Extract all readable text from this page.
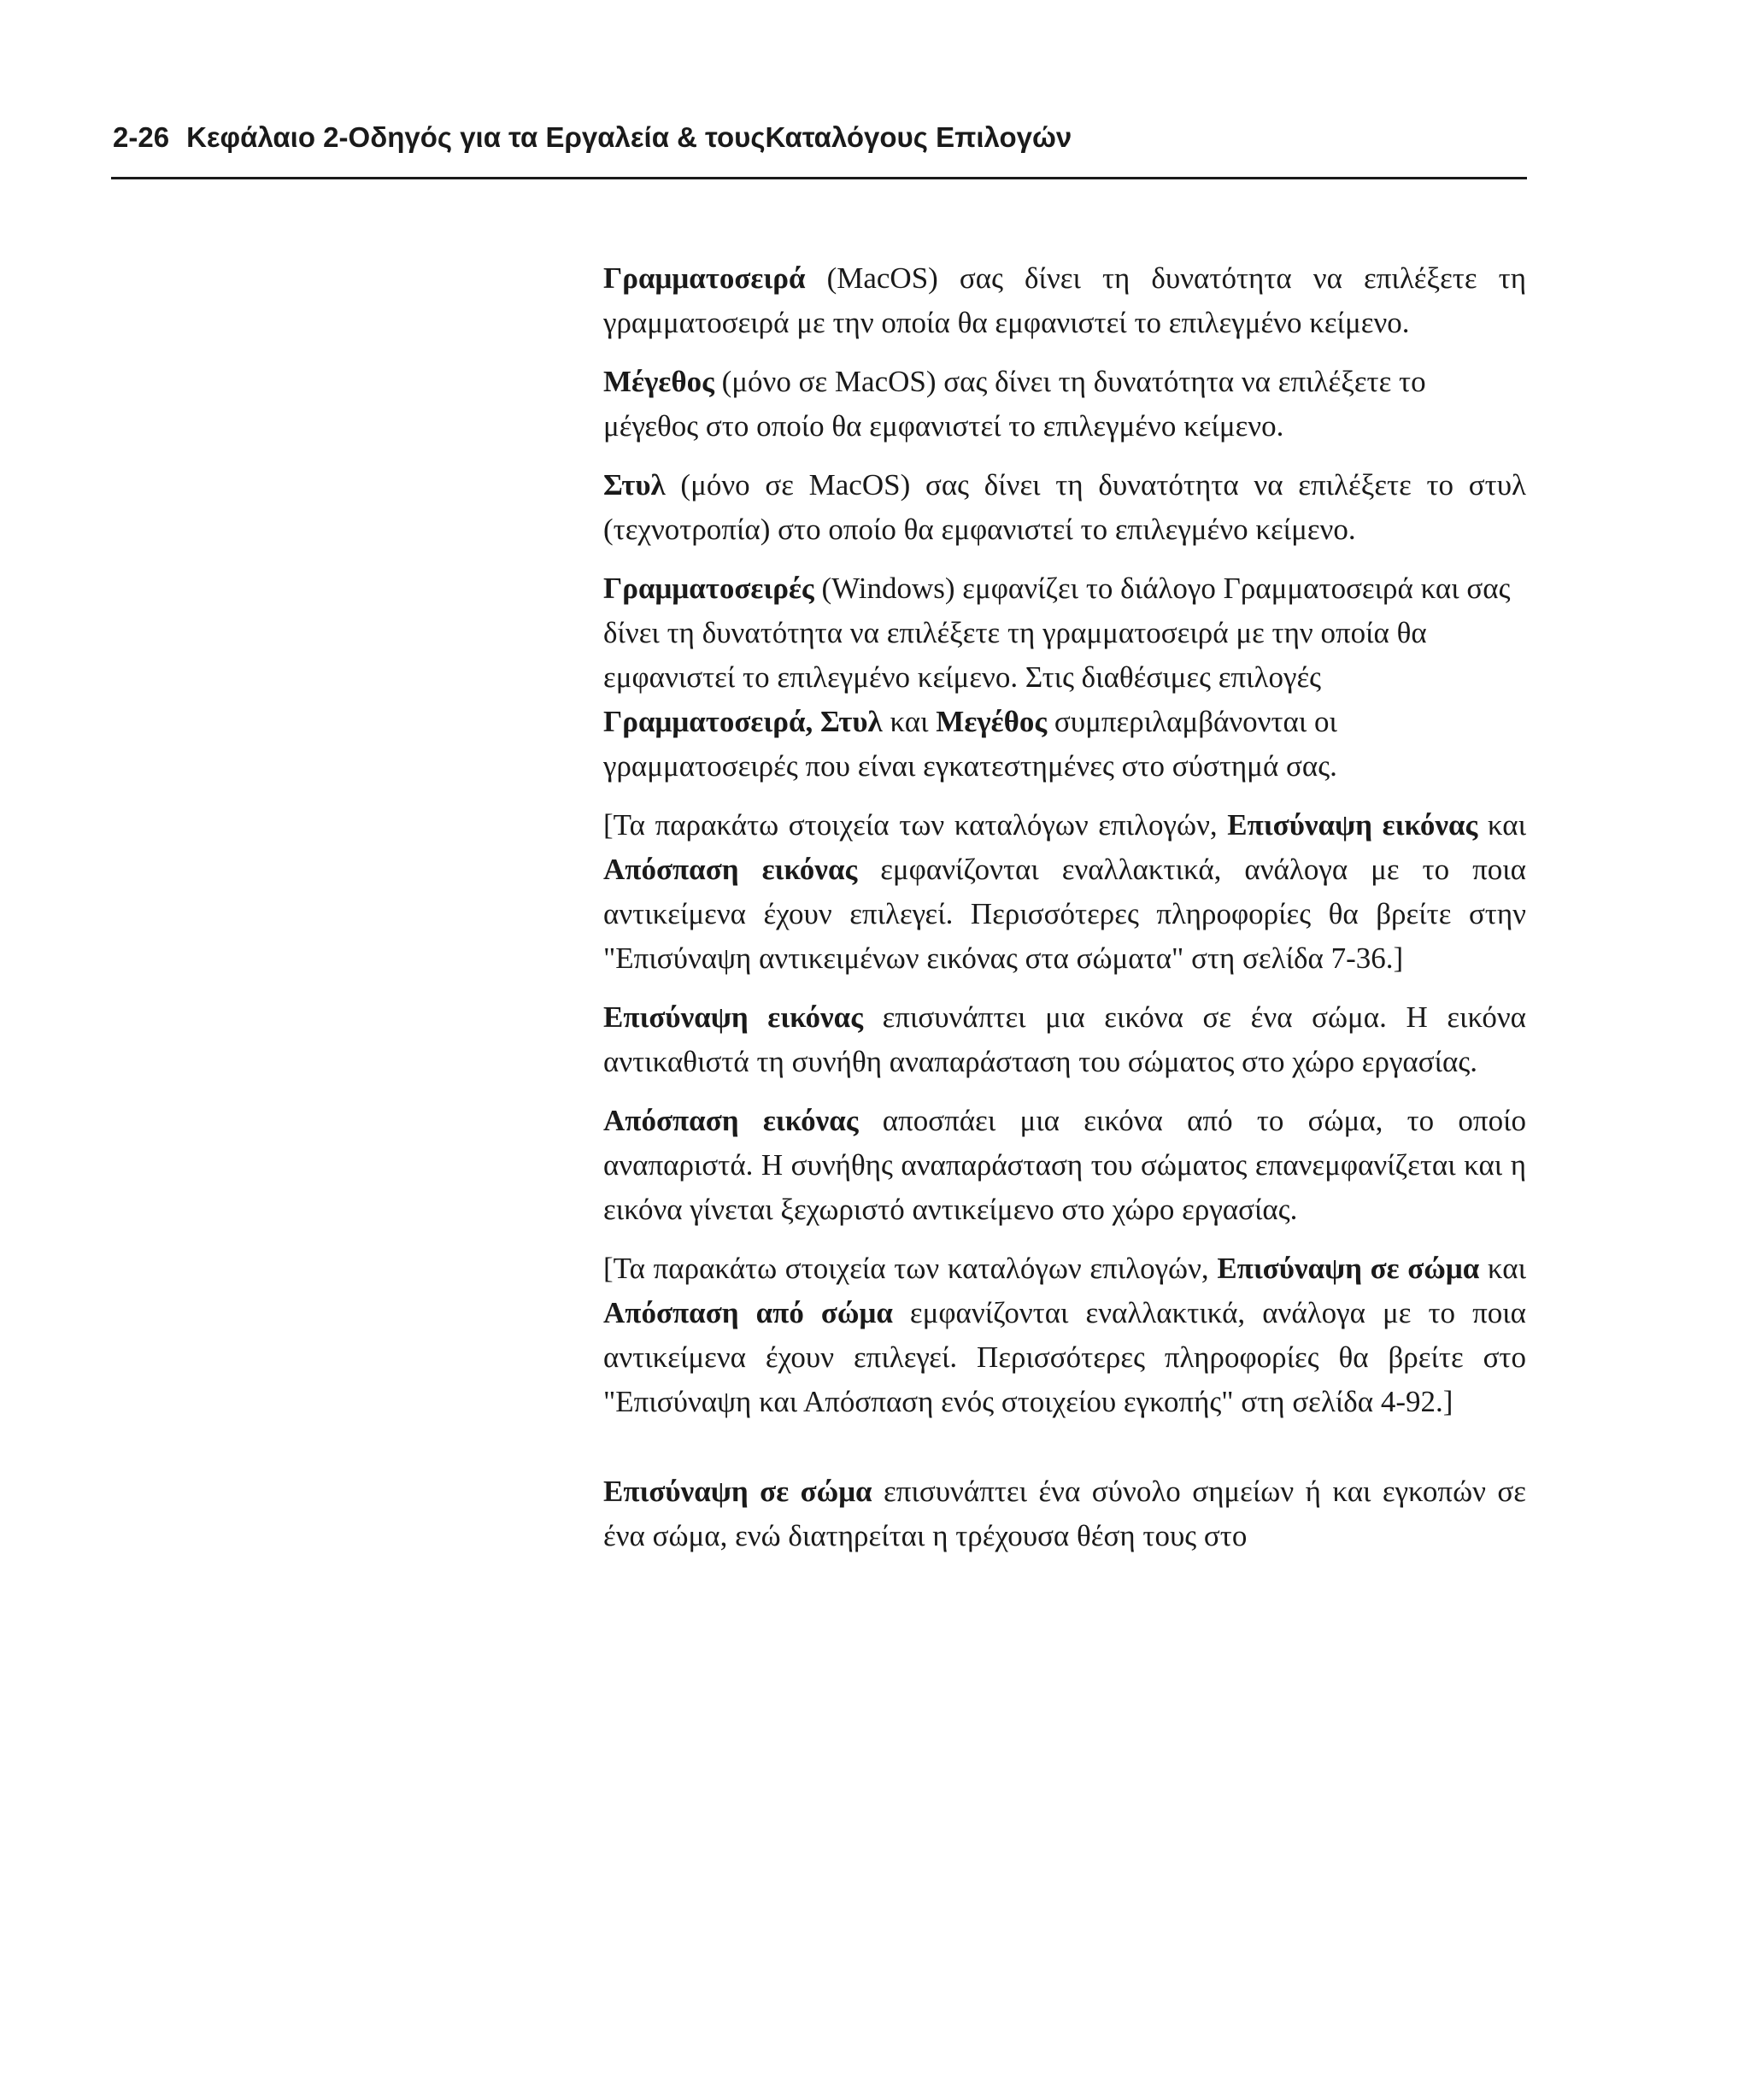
2-26 Κεφάλαιο 2-Οδηγός για τα Εργαλεία & τουςΚαταλόγους Επιλογών

Γραμματοσειρά (MacOS) σας δίνει τη δυνατότητα να επιλέξετε τη γραμματοσειρά με την οποία θα εμφανιστεί το επιλεγμένο κείμενο.

Μέγεθος (μόνο σε MacOS) σας δίνει τη δυνατότητα να επιλέξετε το μέγεθος στο οποίο θα εμφανιστεί το επιλεγμένο κείμενο.

Στυλ (μόνο σε MacOS) σας δίνει τη δυνατότητα να επιλέξετε το στυλ (τεχνοτροπία) στο οποίο θα εμφανιστεί το επιλεγμένο κείμενο.

Γραμματοσειρές (Windows) εμφανίζει το διάλογο Γραμματοσειρά και σας δίνει τη δυνατότητα να επιλέξετε τη γραμματοσειρά με την οποία θα εμφανιστεί το επιλεγμένο κείμενο. Στις διαθέσιμες επιλογές Γραμματοσειρά, Στυλ και Μεγέθος συμπεριλαμβάνονται οι γραμματοσειρές που είναι εγκατεστημένες στο σύστημά σας.

[Τα παρακάτω στοιχεία των καταλόγων επιλογών, Επισύναψη εικόνας και Απόσπαση εικόνας εμφανίζονται εναλλακτικά, ανάλογα με το ποια αντικείμενα έχουν επιλεγεί. Περισσότερες πληροφορίες θα βρείτε στην "Επισύναψη αντικειμένων εικόνας στα σώματα" στη σελίδα 7-36.]

Επισύναψη εικόνας επισυνάπτει μια εικόνα σε ένα σώμα. Η εικόνα αντικαθιστά τη συνήθη αναπαράσταση του σώματος στο χώρο εργασίας.

Απόσπαση εικόνας αποσπάει μια εικόνα από το σώμα, το οποίο αναπαριστά. Η συνήθης αναπαράσταση του σώματος επανεμφανίζεται και η εικόνα γίνεται ξεχωριστό αντικείμενο στο χώρο εργασίας.

[Τα παρακάτω στοιχεία των καταλόγων επιλογών, Επισύναψη σε σώμα και Απόσπαση από σώμα εμφανίζονται εναλλακτικά, ανάλογα με το ποια αντικείμενα έχουν επιλεγεί. Περισσότερες πληροφορίες θα βρείτε στο "Επισύναψη και Απόσπαση ενός στοιχείου εγκοπής" στη σελίδα 4-92.]

Επισύναψη σε σώμα επισυνάπτει ένα σύνολο σημείων ή και εγκοπών σε ένα σώμα, ενώ διατηρείται η τρέχουσα θέση τους στο
